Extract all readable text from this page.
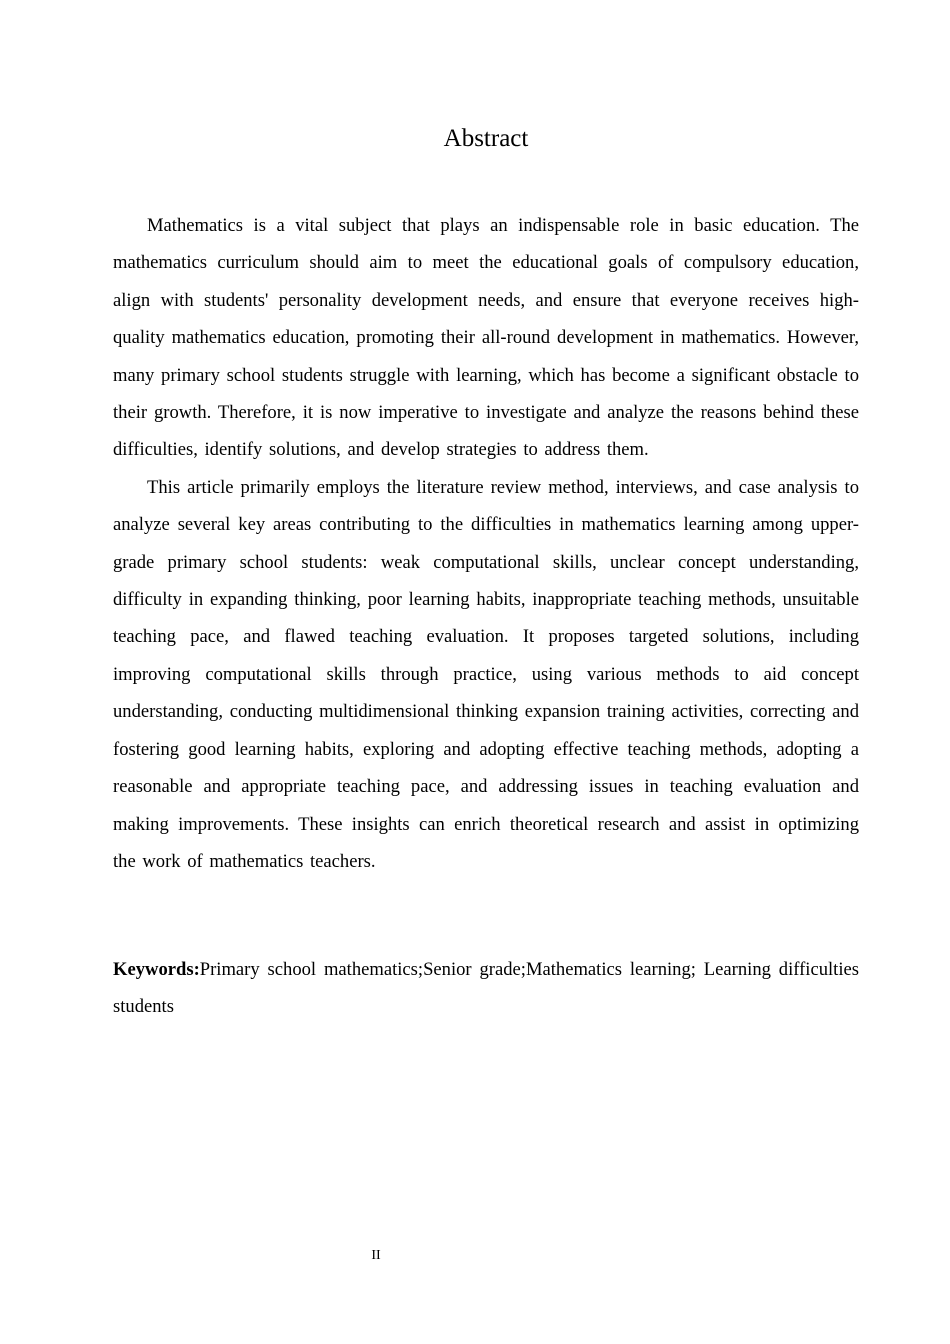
Abstract

Mathematics is a vital subject that plays an indispensable role in basic education. The mathematics curriculum should aim to meet the educational goals of compulsory education, align with students' personality development needs, and ensure that everyone receives high-quality mathematics education, promoting their all-round development in mathematics. However, many primary school students struggle with learning, which has become a significant obstacle to their growth. Therefore, it is now imperative to investigate and analyze the reasons behind these difficulties, identify solutions, and develop strategies to address them.

This article primarily employs the literature review method, interviews, and case analysis to analyze several key areas contributing to the difficulties in mathematics learning among upper-grade primary school students: weak computational skills, unclear concept understanding, difficulty in expanding thinking, poor learning habits, inappropriate teaching methods, unsuitable teaching pace, and flawed teaching evaluation. It proposes targeted solutions, including improving computational skills through practice, using various methods to aid concept understanding, conducting multidimensional thinking expansion training activities, correcting and fostering good learning habits, exploring and adopting effective teaching methods, adopting a reasonable and appropriate teaching pace, and addressing issues in teaching evaluation and making improvements. These insights can enrich theoretical research and assist in optimizing the work of mathematics teachers.

Keywords:Primary school mathematics;Senior grade;Mathematics learning; Learning difficulties students

II
